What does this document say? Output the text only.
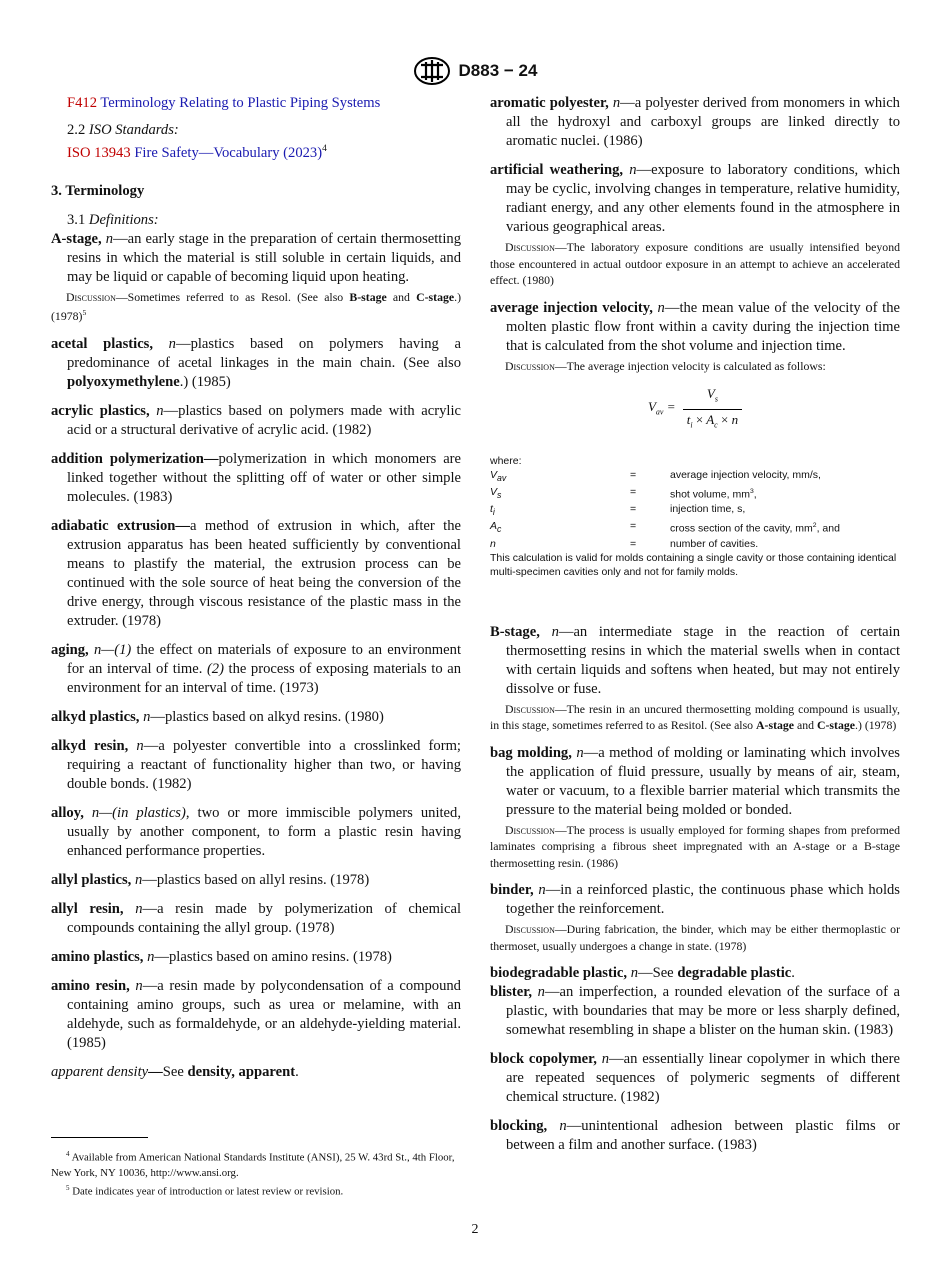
D883 − 24

F412 Terminology Relating to Plastic Piping Systems

2.2 ISO Standards:

ISO 13943 Fire Safety—Vocabulary $(2023)^4$

3. Terminology

3.1 Definitions:

A-stage, n—an early stage in the preparation of certain thermosetting resins in which the material is still soluble in certain liquids, and may be liquid or capable of becoming liquid upon heating.

Discussion—Sometimes referred to as Resol. (See also B-stage and C-stage.) $(1978)^5$

acetal plastics, n—plastics based on polymers having a predominance of acetal linkages in the main chain. (See also polyoxymethylene.) (1985)

acrylic plastics, n—plastics based on polymers made with acrylic acid or a structural derivative of acrylic acid. (1982)

addition polymerization—polymerization in which monomers are linked together without the splitting off of water or other simple molecules. (1983)

adiabatic extrusion—a method of extrusion in which, after the extrusion apparatus has been heated sufficiently by conventional means to plastify the material, the extrusion process can be continued with the sole source of heat being the conversion of the drive energy, through viscous resistance of the plastic mass in the extruder. (1978)

aging, n—(1) the effect on materials of exposure to an environment for an interval of time. (2) the process of exposing materials to an environment for an interval of time. (1973)

alkyd plastics, n—plastics based on alkyd resins. (1980)

alkyd resin, n—a polyester convertible into a crosslinked form; requiring a reactant of functionality higher than two, or having double bonds. (1982)

alloy, n—(in plastics), two or more immiscible polymers united, usually by another component, to form a plastic resin having enhanced performance properties.

allyl plastics, n—plastics based on allyl resins. (1978)

allyl resin, n—a resin made by polymerization of chemical compounds containing the allyl group. (1978)

amino plastics, n—plastics based on amino resins. (1978)

amino resin, n—a resin made by polycondensation of a compound containing amino groups, such as urea or melamine, with an aldehyde, such as formaldehyde, or an aldehyde-yielding material. (1985)

apparent density—See density, apparent.

aromatic polyester, n—a polyester derived from monomers in which all the hydroxyl and carboxyl groups are linked directly to aromatic nuclei. (1986)

artificial weathering, n—exposure to laboratory conditions, which may be cyclic, involving changes in temperature, relative humidity, radiant energy, and any other elements found in the atmosphere in various geographical areas.

Discussion—The laboratory exposure conditions are usually intensified beyond those encountered in actual outdoor exposure in an attempt to achieve an accelerated effect. (1980)

average injection velocity, n—the mean value of the velocity of the molten plastic flow front within a cavity during the injection time that is calculated from the shot volume and injection time.

Discussion—The average injection velocity is calculated as follows:

$V_{av} = \frac{V_s}{t_i \times A_c \times n}$
where:
$V_{av}$	=	average injection velocity, mm/s,
$V_s$	=	shot volume, $mm^3$,
$t_i$	=	injection time, s,
$A_c$	=	cross section of the cavity, $mm^2$, and
n	=	number of cavities.
This calculation is valid for molds containing a single cavity or those containing identical multi-specimen cavities only and not for family molds.

B-stage, n—an intermediate stage in the reaction of certain thermosetting resins in which the material swells when in contact with certain liquids and softens when heated, but may not entirely dissolve or fuse.

Discussion—The resin in an uncured thermosetting molding compound is usually, in this stage, sometimes referred to as Resitol. (See also A-stage and C-stage.) (1978)

bag molding, n—a method of molding or laminating which involves the application of fluid pressure, usually by means of air, steam, water or vacuum, to a flexible barrier material which transmits the pressure to the material being molded or bonded.

Discussion—The process is usually employed for forming shapes from preformed laminates comprising a fibrous sheet impregnated with an A-stage or a B-stage thermosetting resin. (1986)

binder, n—in a reinforced plastic, the continuous phase which holds together the reinforcement.

Discussion—During fabrication, the binder, which may be either thermoplastic or thermoset, usually undergoes a change in state. (1978)

biodegradable plastic, n—See degradable plastic.

blister, n—an imperfection, a rounded elevation of the surface of a plastic, with boundaries that may be more or less sharply defined, somewhat resembling in shape a blister on the human skin. (1983)

block copolymer, n—an essentially linear copolymer in which there are repeated sequences of polymeric segments of different chemical structure. (1982)

blocking, n—unintentional adhesion between plastic films or between a film and another surface. (1983)

$^4$ Available from American National Standards Institute (ANSI), 25 W. 43rd St., 4th Floor, New York, NY 10036, http://www.ansi.org.

$^5$ Date indicates year of introduction or latest review or revision.

2
